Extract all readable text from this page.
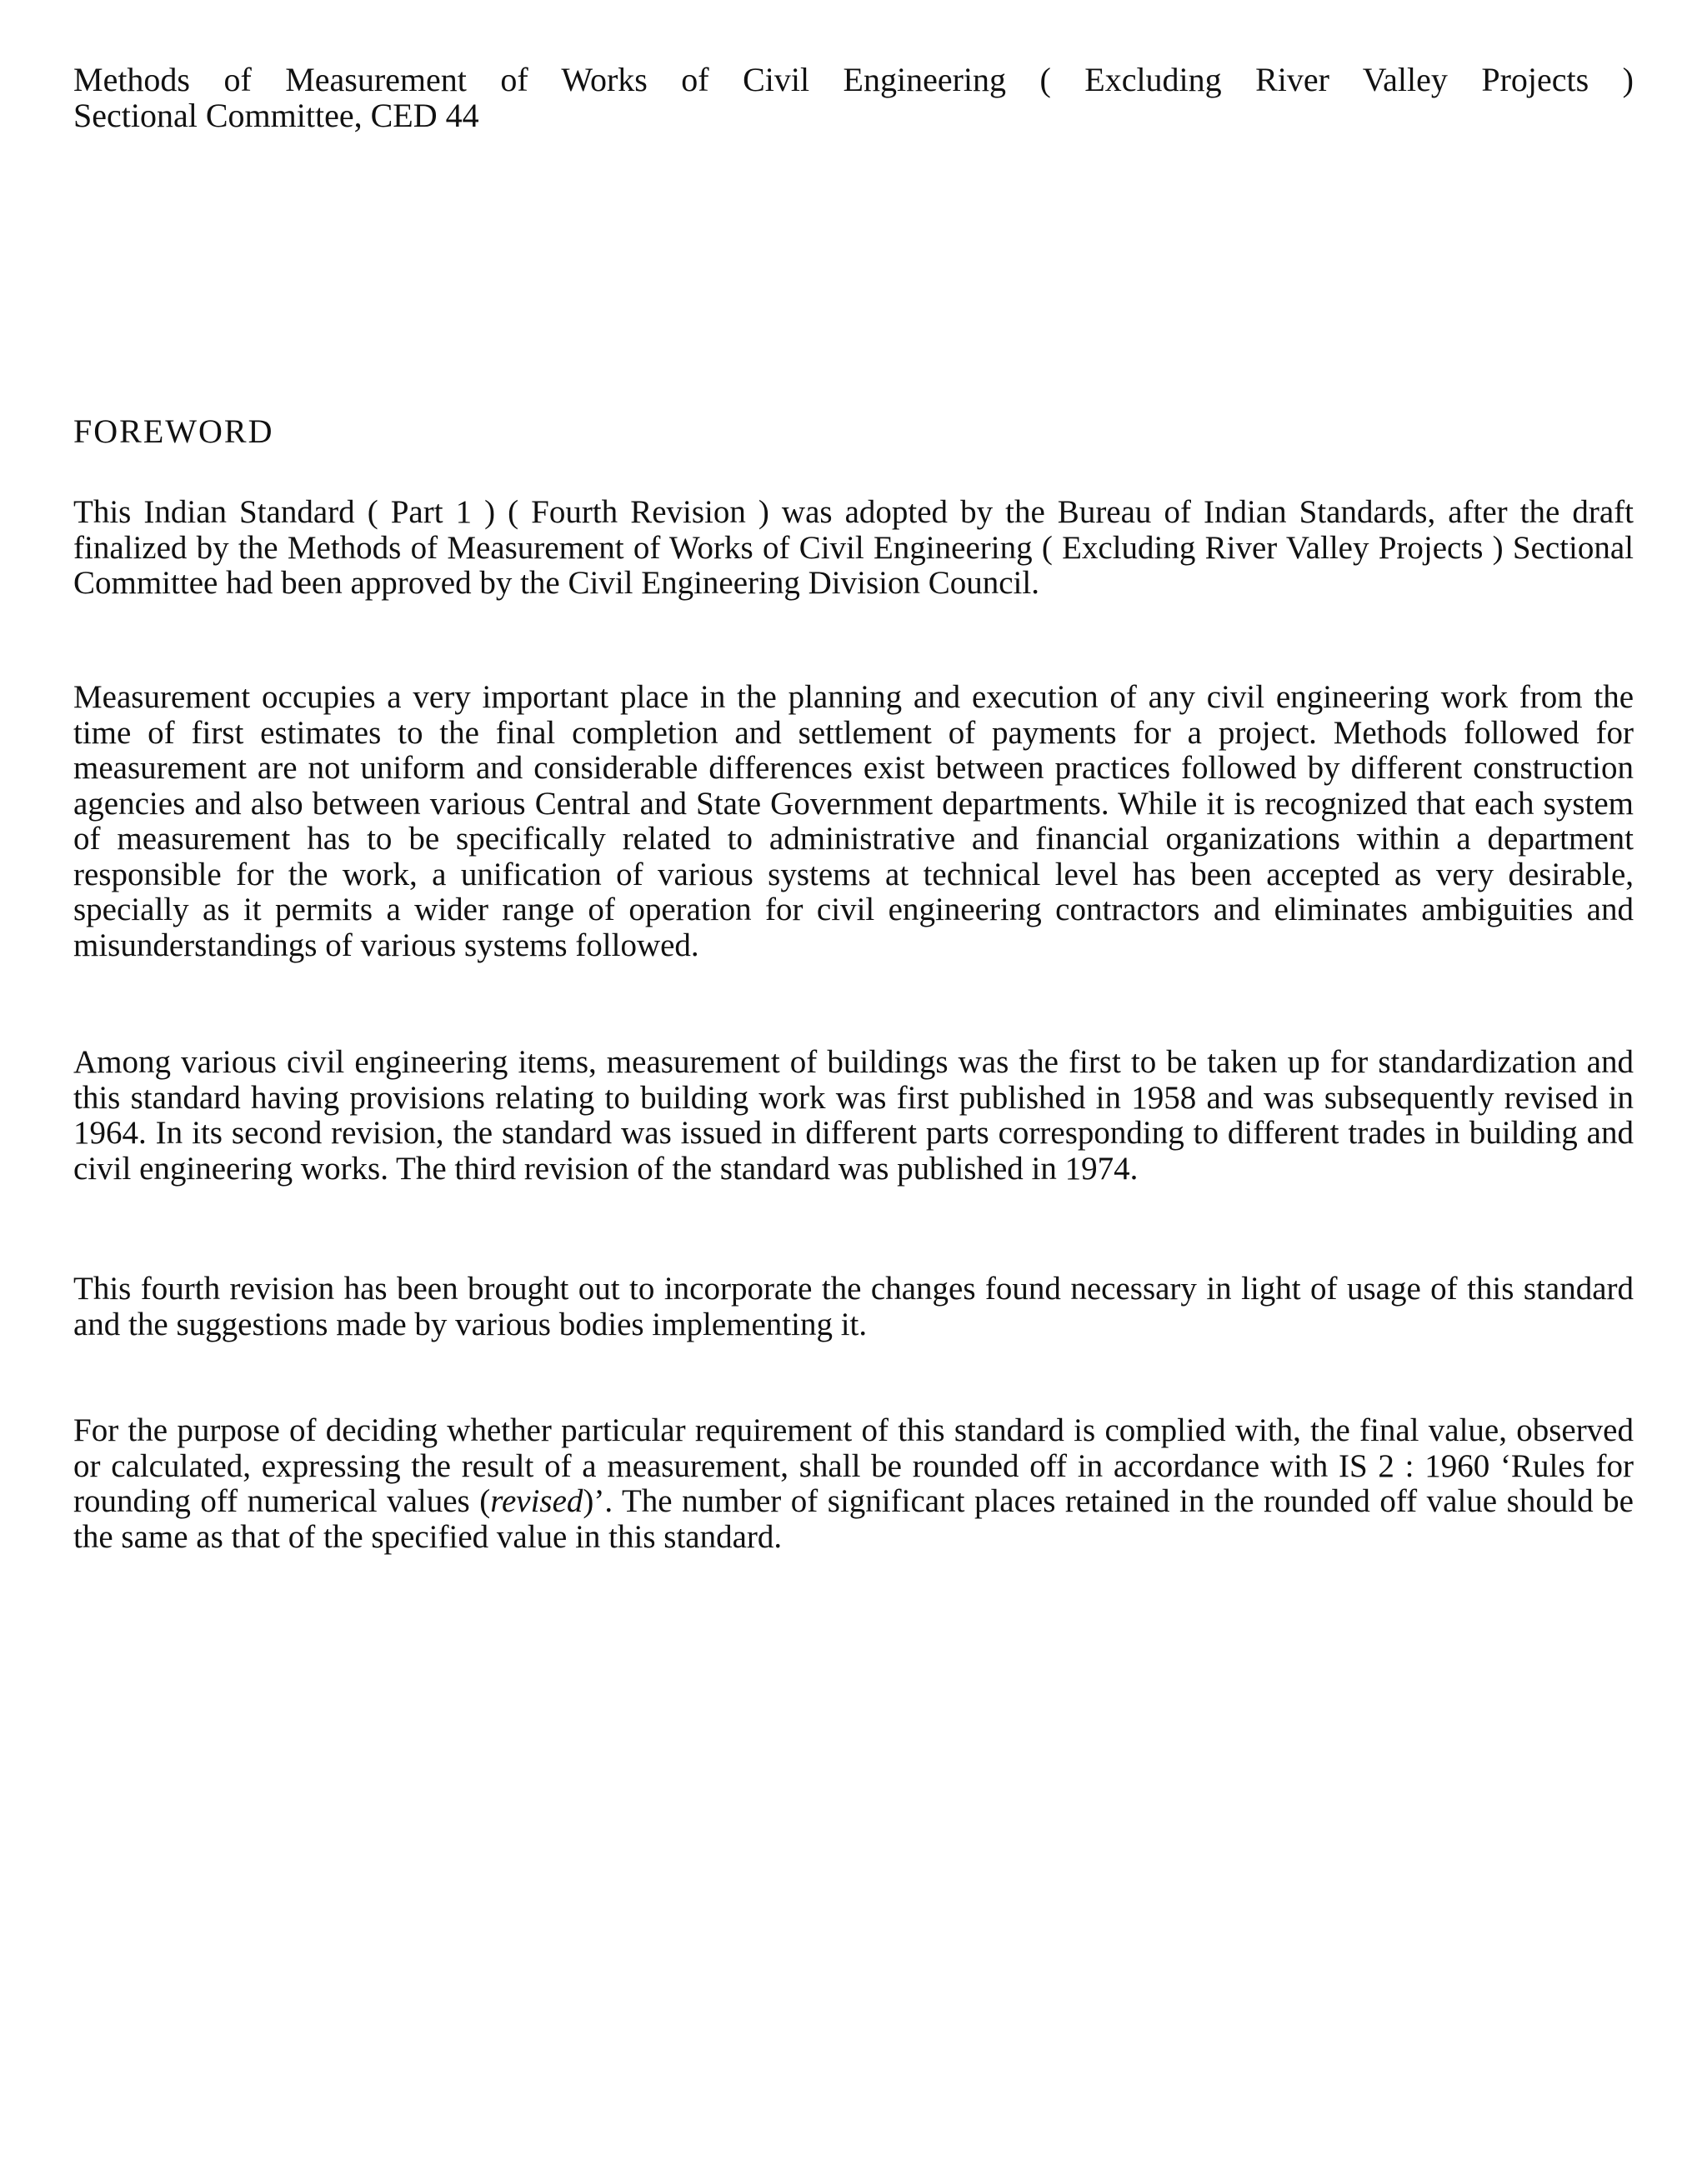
Methods of Measurement of Works of Civil Engineering ( Excluding River Valley Projects )
Sectional Committee, CED 44

FOREWORD

This Indian Standard ( Part 1 ) ( Fourth Revision ) was adopted by the Bureau of Indian Standards, after the draft finalized by the Methods of Measurement of Works of Civil Engineering ( Excluding River Valley Projects ) Sectional Committee had been approved by the Civil Engineering Division Council.

Measurement occupies a very important place in the planning and execution of any civil engineering work from the time of first estimates to the final completion and settlement of payments for a project. Methods followed for measurement are not uniform and considerable differences exist between practices followed by different construction agencies and also between various Central and State Government departments. While it is recognized that each system of measurement has to be specifically related to administrative and financial organizations within a department responsible for the work, a unification of various systems at technical level has been accepted as very desirable, specially as it permits a wider range of operation for civil engineering contractors and eliminates ambiguities and misunderstandings of various systems followed.

Among various civil engineering items, measurement of buildings was the first to be taken up for standardization and this standard having provisions relating to building work was first published in 1958 and was subsequently revised in 1964. In its second revision, the standard was issued in different parts corresponding to different trades in building and civil engineering works. The third revision of the standard was published in 1974.

This fourth revision has been brought out to incorporate the changes found necessary in light of usage of this standard and the suggestions made by various bodies implementing it.

For the purpose of deciding whether particular requirement of this standard is complied with, the final value, observed or calculated, expressing the result of a measurement, shall be rounded off in accordance with IS 2 : 1960 ‘Rules for rounding off numerical values (revised)’. The number of significant places retained in the rounded off value should be the same as that of the specified value in this standard.
